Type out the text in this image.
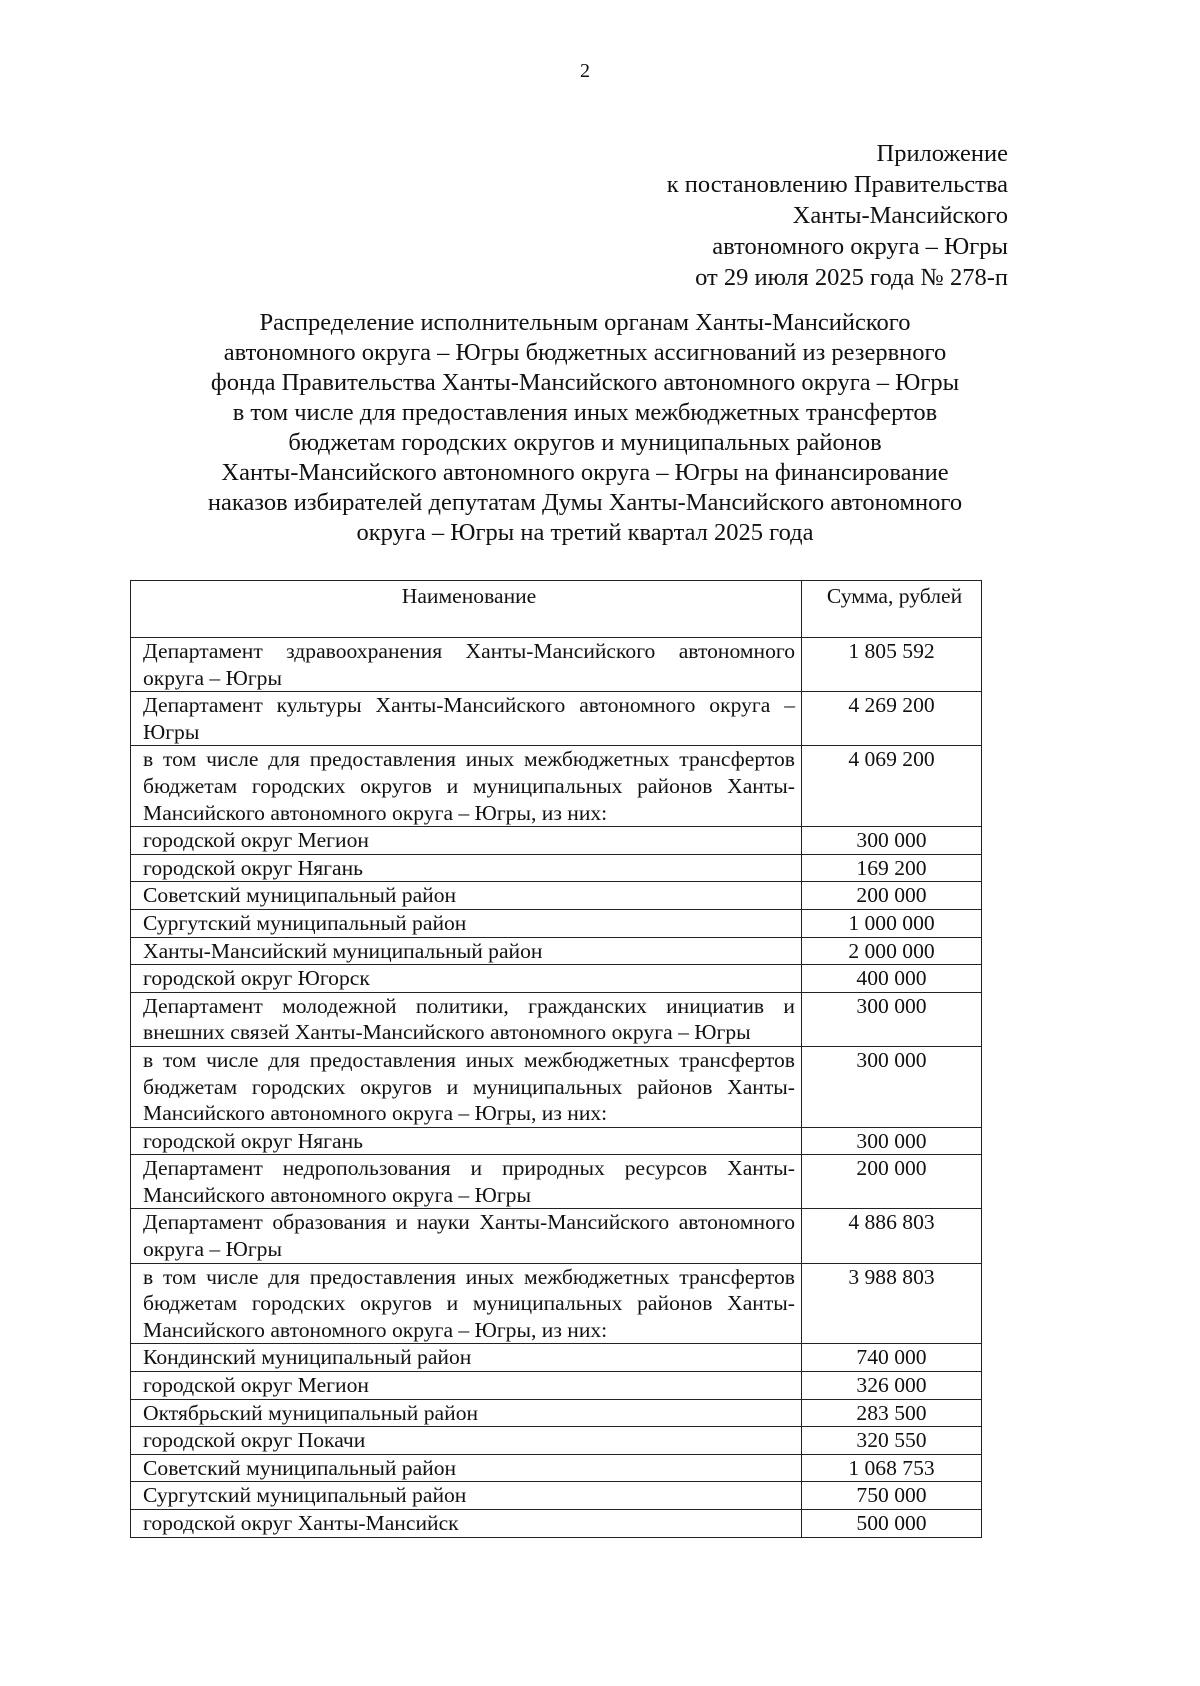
2
Приложение
к постановлению Правительства
Ханты-Мансийского
автономного округа – Югры
от 29 июля 2025 года № 278-п
Распределение исполнительным органам Ханты-Мансийского
автономного округа – Югры бюджетных ассигнований из резервного
фонда Правительства Ханты-Мансийского автономного округа – Югры
в том числе для предоставления иных межбюджетных трансфертов
бюджетам городских округов и муниципальных районов
Ханты-Мансийского автономного округа – Югры на финансирование
наказов избирателей депутатам Думы Ханты-Мансийского автономного
округа – Югры на третий квартал 2025 года
Наименование	Сумма, рублей
Департамент здравоохранения Ханты-Мансийского автономного округа – Югры	1 805 592
Департамент культуры Ханты-Мансийского автономного округа – Югры	4 269 200
в том числе для предоставления иных межбюджетных трансфертов бюджетам городских округов и муниципальных районов Ханты-Мансийского автономного округа – Югры, из них:	4 069 200
городской округ Мегион	300 000
городской округ Нягань	169 200
Советский муниципальный район	200 000
Сургутский муниципальный район	1 000 000
Ханты-Мансийский муниципальный район	2 000 000
городской округ Югорск	400 000
Департамент молодежной политики, гражданских инициатив и внешних связей Ханты-Мансийского автономного округа – Югры	300 000
в том числе для предоставления иных межбюджетных трансфертов бюджетам городских округов и муниципальных районов Ханты-Мансийского автономного округа – Югры, из них:	300 000
городской округ Нягань	300 000
Департамент недропользования и природных ресурсов Ханты-Мансийского автономного округа – Югры	200 000
Департамент образования и науки Ханты-Мансийского автономного округа – Югры	4 886 803
в том числе для предоставления иных межбюджетных трансфертов бюджетам городских округов и муниципальных районов Ханты-Мансийского автономного округа – Югры, из них:	3 988 803
Кондинский муниципальный район	740 000
городской округ Мегион	326 000
Октябрьский муниципальный район	283 500
городской округ Покачи	320 550
Советский муниципальный район	1 068 753
Сургутский муниципальный район	750 000
городской округ Ханты-Мансийск	500 000
